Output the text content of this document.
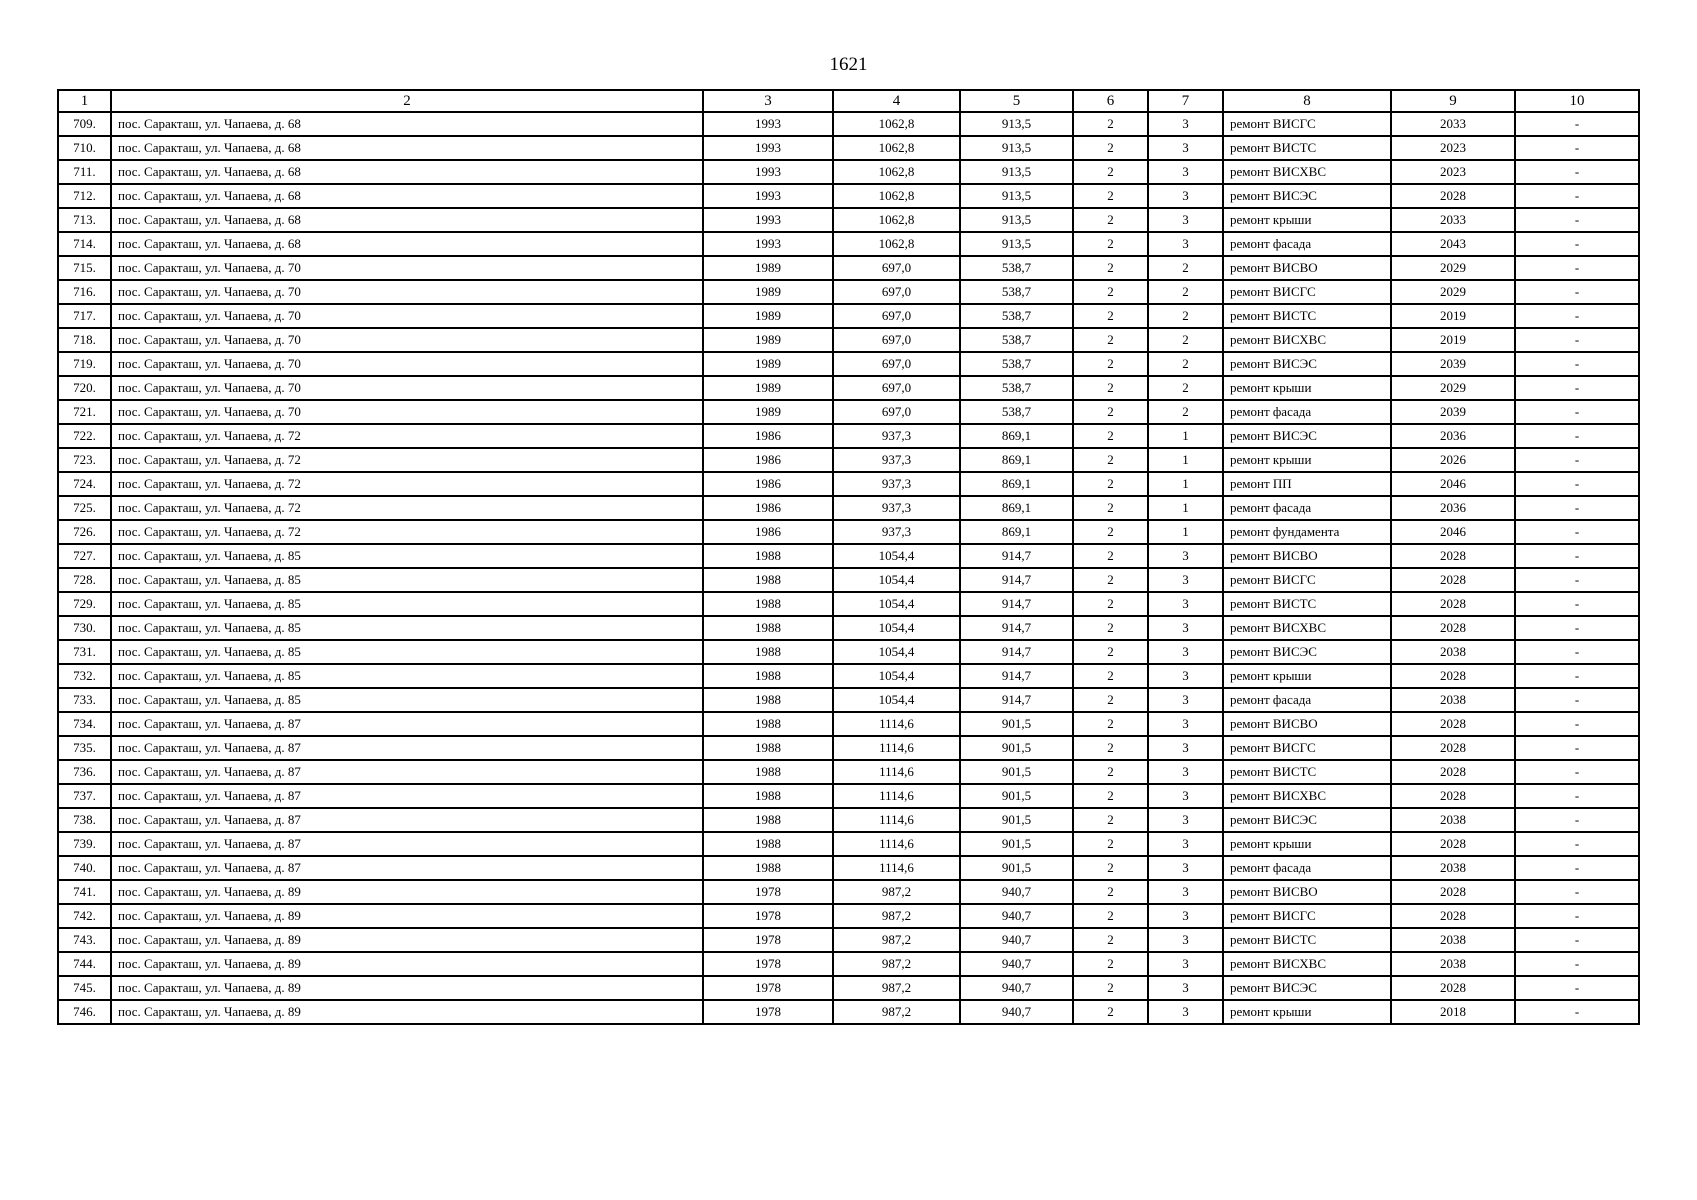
1621
1	2	3	4	5	6	7	8	9	10
709.	пос. Саракташ, ул. Чапаева, д. 68	1993	1062,8	913,5	2	3	ремонт ВИСГС	2033	-
710.	пос. Саракташ, ул. Чапаева, д. 68	1993	1062,8	913,5	2	3	ремонт ВИСТС	2023	-
711.	пос. Саракташ, ул. Чапаева, д. 68	1993	1062,8	913,5	2	3	ремонт ВИСХВС	2023	-
712.	пос. Саракташ, ул. Чапаева, д. 68	1993	1062,8	913,5	2	3	ремонт ВИСЭС	2028	-
713.	пос. Саракташ, ул. Чапаева, д. 68	1993	1062,8	913,5	2	3	ремонт крыши	2033	-
714.	пос. Саракташ, ул. Чапаева, д. 68	1993	1062,8	913,5	2	3	ремонт фасада	2043	-
715.	пос. Саракташ, ул. Чапаева, д. 70	1989	697,0	538,7	2	2	ремонт ВИСВО	2029	-
716.	пос. Саракташ, ул. Чапаева, д. 70	1989	697,0	538,7	2	2	ремонт ВИСГС	2029	-
717.	пос. Саракташ, ул. Чапаева, д. 70	1989	697,0	538,7	2	2	ремонт ВИСТС	2019	-
718.	пос. Саракташ, ул. Чапаева, д. 70	1989	697,0	538,7	2	2	ремонт ВИСХВС	2019	-
719.	пос. Саракташ, ул. Чапаева, д. 70	1989	697,0	538,7	2	2	ремонт ВИСЭС	2039	-
720.	пос. Саракташ, ул. Чапаева, д. 70	1989	697,0	538,7	2	2	ремонт крыши	2029	-
721.	пос. Саракташ, ул. Чапаева, д. 70	1989	697,0	538,7	2	2	ремонт фасада	2039	-
722.	пос. Саракташ, ул. Чапаева, д. 72	1986	937,3	869,1	2	1	ремонт ВИСЭС	2036	-
723.	пос. Саракташ, ул. Чапаева, д. 72	1986	937,3	869,1	2	1	ремонт крыши	2026	-
724.	пос. Саракташ, ул. Чапаева, д. 72	1986	937,3	869,1	2	1	ремонт ПП	2046	-
725.	пос. Саракташ, ул. Чапаева, д. 72	1986	937,3	869,1	2	1	ремонт фасада	2036	-
726.	пос. Саракташ, ул. Чапаева, д. 72	1986	937,3	869,1	2	1	ремонт фундамента	2046	-
727.	пос. Саракташ, ул. Чапаева, д. 85	1988	1054,4	914,7	2	3	ремонт ВИСВО	2028	-
728.	пос. Саракташ, ул. Чапаева, д. 85	1988	1054,4	914,7	2	3	ремонт ВИСГС	2028	-
729.	пос. Саракташ, ул. Чапаева, д. 85	1988	1054,4	914,7	2	3	ремонт ВИСТС	2028	-
730.	пос. Саракташ, ул. Чапаева, д. 85	1988	1054,4	914,7	2	3	ремонт ВИСХВС	2028	-
731.	пос. Саракташ, ул. Чапаева, д. 85	1988	1054,4	914,7	2	3	ремонт ВИСЭС	2038	-
732.	пос. Саракташ, ул. Чапаева, д. 85	1988	1054,4	914,7	2	3	ремонт крыши	2028	-
733.	пос. Саракташ, ул. Чапаева, д. 85	1988	1054,4	914,7	2	3	ремонт фасада	2038	-
734.	пос. Саракташ, ул. Чапаева, д. 87	1988	1114,6	901,5	2	3	ремонт ВИСВО	2028	-
735.	пос. Саракташ, ул. Чапаева, д. 87	1988	1114,6	901,5	2	3	ремонт ВИСГС	2028	-
736.	пос. Саракташ, ул. Чапаева, д. 87	1988	1114,6	901,5	2	3	ремонт ВИСТС	2028	-
737.	пос. Саракташ, ул. Чапаева, д. 87	1988	1114,6	901,5	2	3	ремонт ВИСХВС	2028	-
738.	пос. Саракташ, ул. Чапаева, д. 87	1988	1114,6	901,5	2	3	ремонт ВИСЭС	2038	-
739.	пос. Саракташ, ул. Чапаева, д. 87	1988	1114,6	901,5	2	3	ремонт крыши	2028	-
740.	пос. Саракташ, ул. Чапаева, д. 87	1988	1114,6	901,5	2	3	ремонт фасада	2038	-
741.	пос. Саракташ, ул. Чапаева, д. 89	1978	987,2	940,7	2	3	ремонт ВИСВО	2028	-
742.	пос. Саракташ, ул. Чапаева, д. 89	1978	987,2	940,7	2	3	ремонт ВИСГС	2028	-
743.	пос. Саракташ, ул. Чапаева, д. 89	1978	987,2	940,7	2	3	ремонт ВИСТС	2038	-
744.	пос. Саракташ, ул. Чапаева, д. 89	1978	987,2	940,7	2	3	ремонт ВИСХВС	2038	-
745.	пос. Саракташ, ул. Чапаева, д. 89	1978	987,2	940,7	2	3	ремонт ВИСЭС	2028	-
746.	пос. Саракташ, ул. Чапаева, д. 89	1978	987,2	940,7	2	3	ремонт крыши	2018	-
